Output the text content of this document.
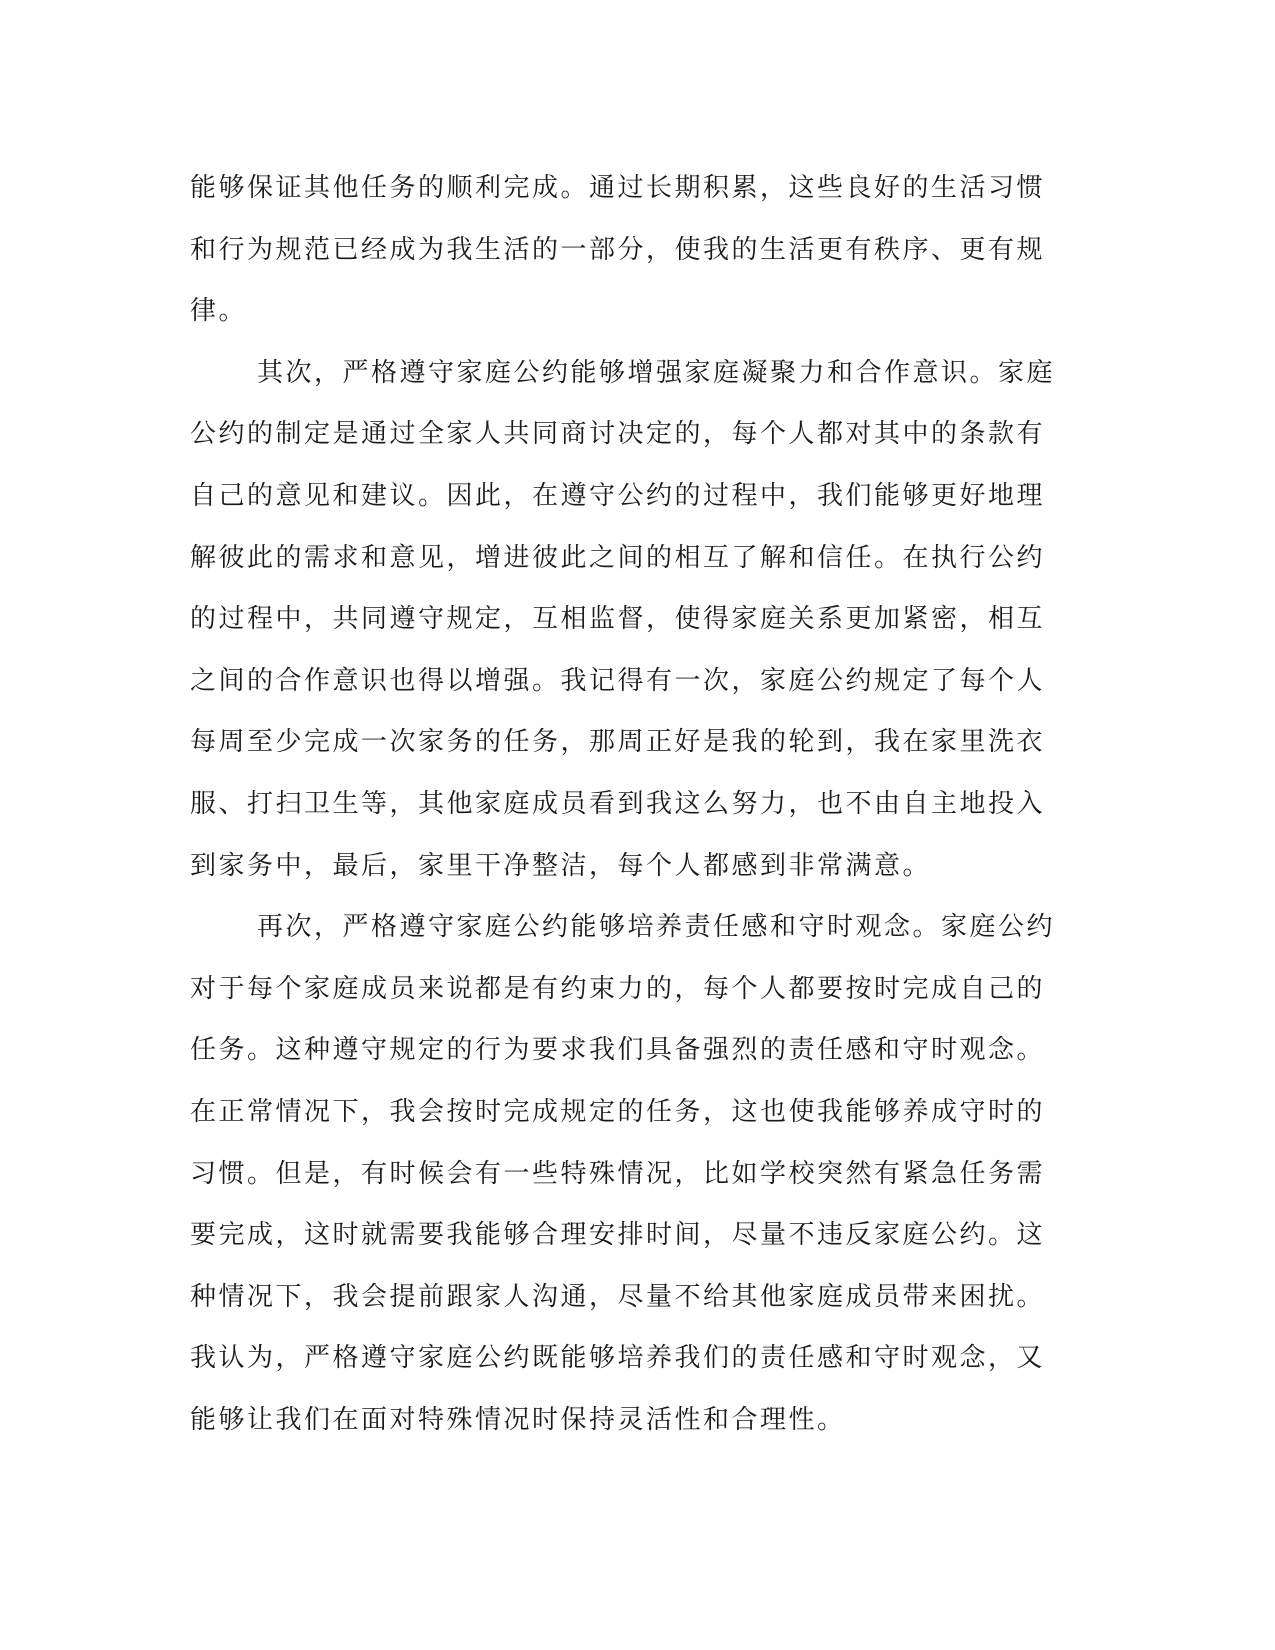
能够保证其他任务的顺利完成。通过长期积累，这些良好的生活习惯
和行为规范已经成为我生活的一部分，使我的生活更有秩序、更有规
律。
其次，严格遵守家庭公约能够增强家庭凝聚力和合作意识。家庭
公约的制定是通过全家人共同商讨决定的，每个人都对其中的条款有
自己的意见和建议。因此，在遵守公约的过程中，我们能够更好地理
解彼此的需求和意见，增进彼此之间的相互了解和信任。在执行公约
的过程中，共同遵守规定，互相监督，使得家庭关系更加紧密，相互
之间的合作意识也得以增强。我记得有一次，家庭公约规定了每个人
每周至少完成一次家务的任务，那周正好是我的轮到，我在家里洗衣
服、打扫卫生等，其他家庭成员看到我这么努力，也不由自主地投入
到家务中，最后，家里干净整洁，每个人都感到非常满意。
再次，严格遵守家庭公约能够培养责任感和守时观念。家庭公约
对于每个家庭成员来说都是有约束力的，每个人都要按时完成自己的
任务。这种遵守规定的行为要求我们具备强烈的责任感和守时观念。
在正常情况下，我会按时完成规定的任务，这也使我能够养成守时的
习惯。但是，有时候会有一些特殊情况，比如学校突然有紧急任务需
要完成，这时就需要我能够合理安排时间，尽量不违反家庭公约。这
种情况下，我会提前跟家人沟通，尽量不给其他家庭成员带来困扰。
我认为，严格遵守家庭公约既能够培养我们的责任感和守时观念，又
能够让我们在面对特殊情况时保持灵活性和合理性。
